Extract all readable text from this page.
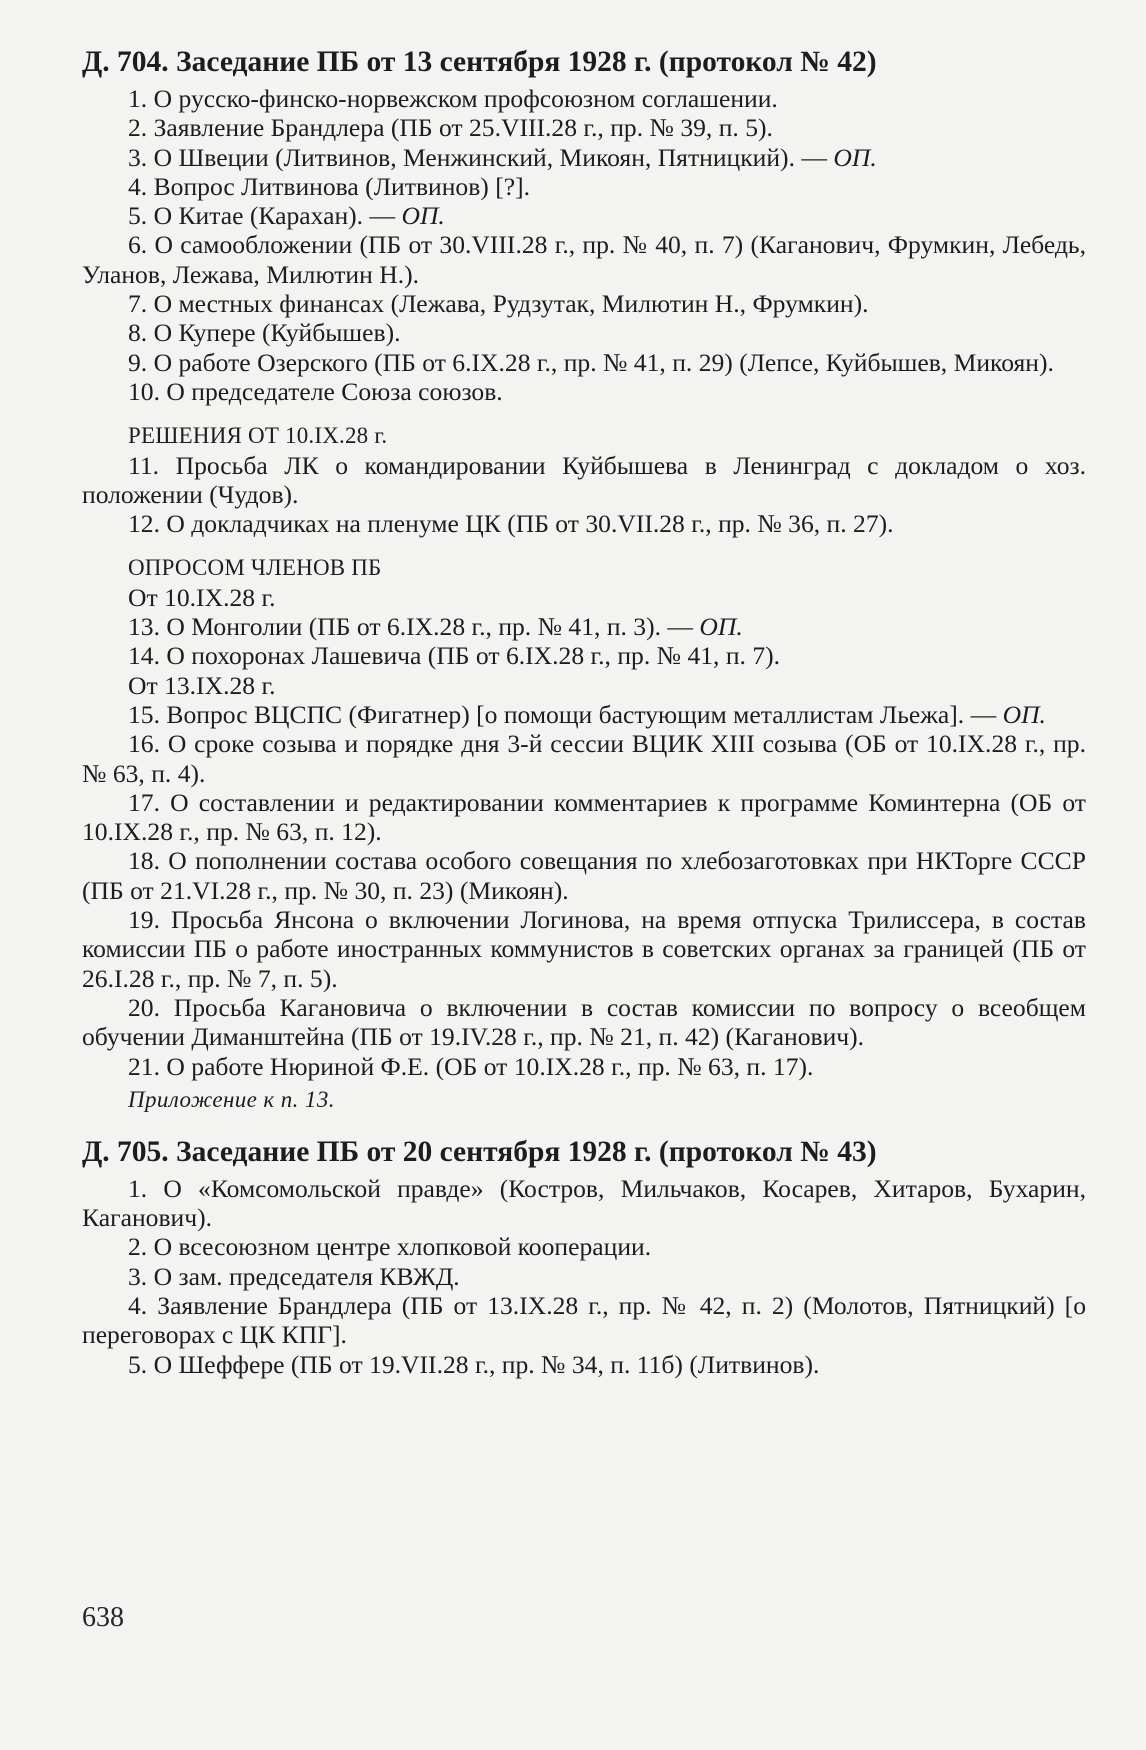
Д. 704. Заседание ПБ от 13 сентября 1928 г. (протокол № 42)

1. О русско-финско-норвежском профсоюзном соглашении.

2. Заявление Брандлера (ПБ от 25.VIII.28 г., пр. № 39, п. 5).

3. О Швеции (Литвинов, Менжинский, Микоян, Пятницкий). — ОП.

4. Вопрос Литвинова (Литвинов) [?].

5. О Китае (Карахан). — ОП.

6. О самообложении (ПБ от 30.VIII.28 г., пр. № 40, п. 7) (Каганович, Фрумкин, Лебедь, Уланов, Лежава, Милютин Н.).

7. О местных финансах (Лежава, Рудзутак, Милютин Н., Фрумкин).

8. О Купере (Куйбышев).

9. О работе Озерского (ПБ от 6.IX.28 г., пр. № 41, п. 29) (Лепсе, Куйбышев, Микоян).

10. О председателе Союза союзов.

РЕШЕНИЯ ОТ 10.IX.28 г.

11. Просьба ЛК о командировании Куйбышева в Ленинград с докладом о хоз. положении (Чудов).

12. О докладчиках на пленуме ЦК (ПБ от 30.VII.28 г., пр. № 36, п. 27).

ОПРОСОМ ЧЛЕНОВ ПБ
От 10.IX.28 г.

13. О Монголии (ПБ от 6.IX.28 г., пр. № 41, п. 3). — ОП.

14. О похоронах Лашевича (ПБ от 6.IX.28 г., пр. № 41, п. 7).

От 13.IX.28 г.

15. Вопрос ВЦСПС (Фигатнер) [о помощи бастующим металлистам Льежа]. — ОП.

16. О сроке созыва и порядке дня 3-й сессии ВЦИК XIII созыва (ОБ от 10.IX.28 г., пр. № 63, п. 4).

17. О составлении и редактировании комментариев к программе Коминтерна (ОБ от 10.IX.28 г., пр. № 63, п. 12).

18. О пополнении состава особого совещания по хлебозаготовках при НКТорге СССР (ПБ от 21.VI.28 г., пр. № 30, п. 23) (Микоян).

19. Просьба Янсона о включении Логинова, на время отпуска Трилиссера, в состав комиссии ПБ о работе иностранных коммунистов в советских органах за границей (ПБ от 26.I.28 г., пр. № 7, п. 5).

20. Просьба Кагановича о включении в состав комиссии по вопросу о всеобщем обучении Диманштейна (ПБ от 19.IV.28 г., пр. № 21, п. 42) (Каганович).

21. О работе Нюриной Ф.Е. (ОБ от 10.IX.28 г., пр. № 63, п. 17).

Приложение к п. 13.
Д. 705. Заседание ПБ от 20 сентября 1928 г. (протокол № 43)

1. О «Комсомольской правде» (Костров, Мильчаков, Косарев, Хитаров, Бухарин, Каганович).

2. О всесоюзном центре хлопковой кооперации.

3. О зам. председателя КВЖД.

4. Заявление Брандлера (ПБ от 13.IX.28 г., пр. № 42, п. 2) (Молотов, Пятницкий) [о переговорах с ЦК КПГ].

5. О Шеффере (ПБ от 19.VII.28 г., пр. № 34, п. 11б) (Литвинов).

638
